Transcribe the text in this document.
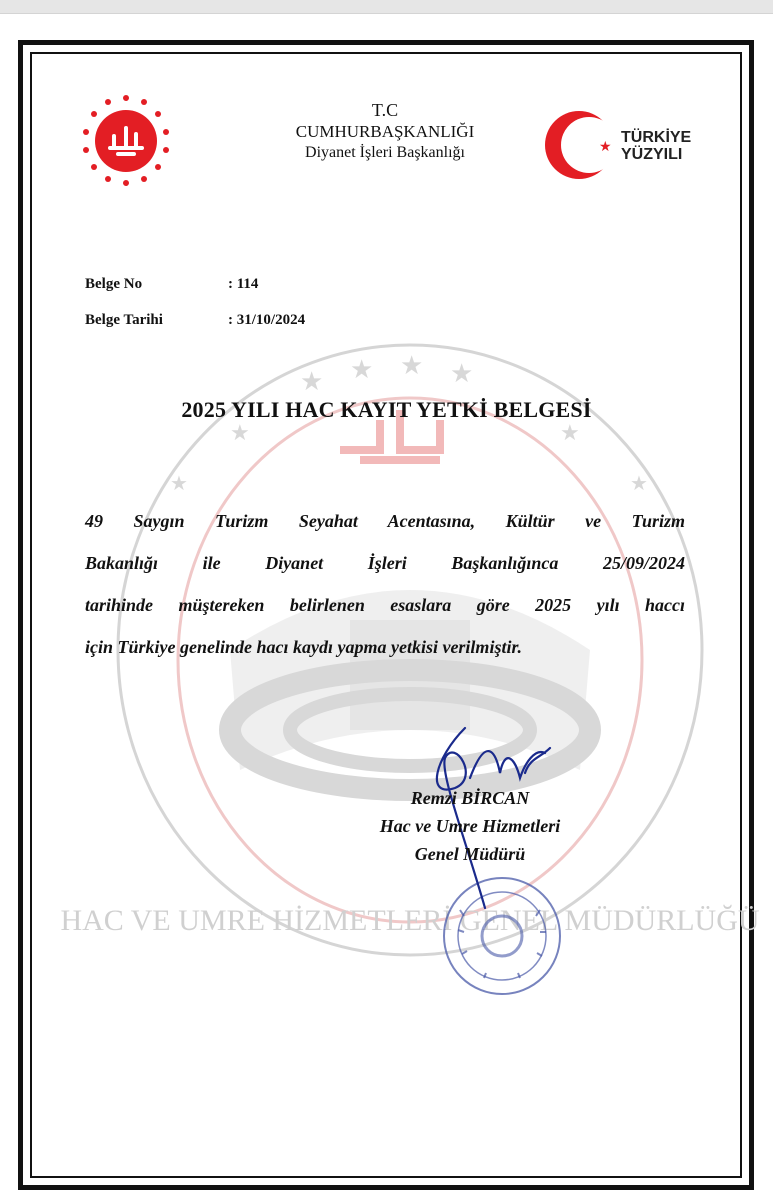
★ ★ ★ ★
★	★
★	★
HAC VE UMRE HİZMETLERİ GENEL MÜDÜRLÜĞÜ
T.C
CUMHURBAŞKANLIĞI
Diyanet İşleri Başkanlığı	★
TÜRKİYE
YÜZYILI
Belge No	: 114
Belge Tarihi	: 31/10/2024
2025 YILI HAC KAYIT YETKİ BELGESİ
49 Saygın Turizm Seyahat Acentasına, Kültür ve Turizm
Bakanlığı ile Diyanet İşleri Başkanlığınca 25/09/2024
tarihinde müştereken belirlenen esaslara göre 2025 yılı haccı
için Türkiye genelinde hacı kaydı yapma yetkisi verilmiştir.
Remzi BİRCAN
Hac ve Umre Hizmetleri
Genel Müdürü
